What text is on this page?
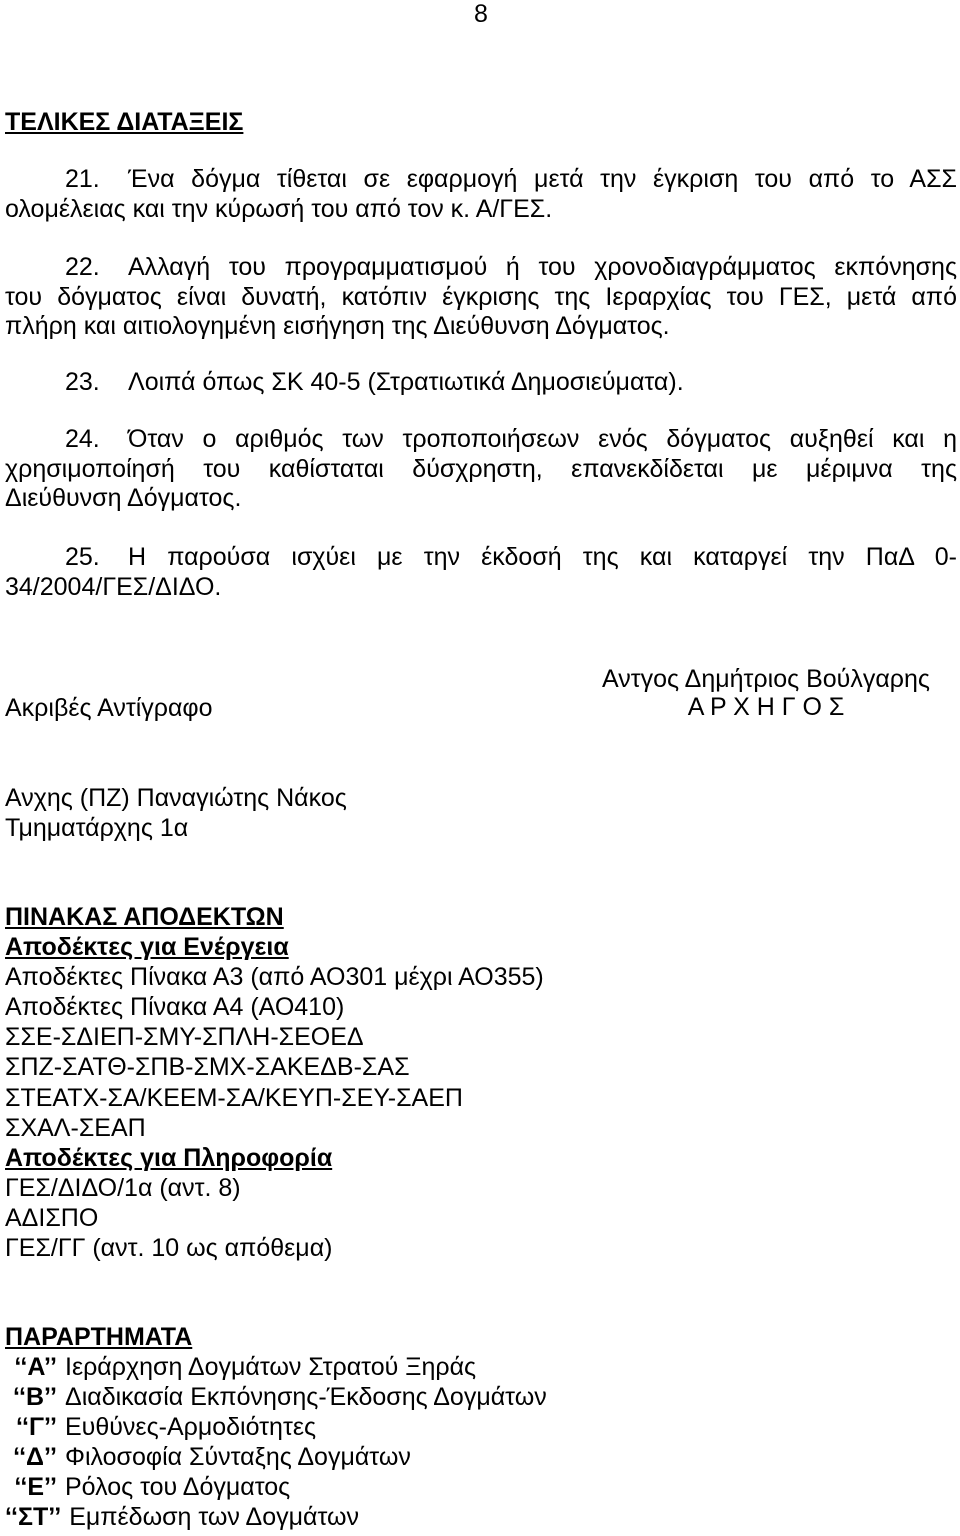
8
ΤΕΛΙΚΕΣ ΔΙΑΤΑΞΕΙΣ
21. Ένα δόγμα τίθεται σε εφαρμογή μετά την έγκριση του από το ΑΣΣ
ολομέλειας και την κύρωσή του από τον κ. Α/ΓΕΣ.
22. Αλλαγή του προγραμματισμού ή του χρονοδιαγράμματος εκπόνησης
του δόγματος είναι δυνατή, κατόπιν έγκρισης της Ιεραρχίας του ΓΕΣ, μετά από
πλήρη και αιτιολογημένη εισήγηση της Διεύθυνση Δόγματος.
23. Λοιπά όπως ΣΚ 40-5 (Στρατιωτικά Δημοσιεύματα).
24. Όταν ο αριθμός των τροποποιήσεων ενός δόγματος αυξηθεί και η
χρησιμοποίησή του καθίσταται δύσχρηστη, επανεκδίδεται με μέριμνα της
Διεύθυνση Δόγματος.
25. Η παρούσα ισχύει με την έκδοσή της και καταργεί την ΠαΔ 0-
34/2004/ΓΕΣ/ΔΙΔΟ.
Αντγος Δημήτριος Βούλγαρης
Α Ρ Χ Η Γ Ο Σ
Ακριβές Αντίγραφο
Ανχης (ΠΖ) Παναγιώτης Νάκος
Τμηματάρχης 1α
ΠΙΝΑΚΑΣ ΑΠΟΔΕΚΤΩΝ
Αποδέκτες για Ενέργεια
Αποδέκτες Πίνακα Α3 (από ΑΟ301 μέχρι ΑΟ355)
Αποδέκτες Πίνακα Α4 (ΑΟ410)
ΣΣΕ-ΣΔΙΕΠ-ΣΜΥ-ΣΠΛΗ-ΣΕΟΕΔ
ΣΠΖ-ΣΑΤΘ-ΣΠΒ-ΣΜΧ-ΣΑΚΕΔΒ-ΣΑΣ
ΣΤΕΑΤΧ-ΣΑ/ΚΕΕΜ-ΣΑ/ΚΕΥΠ-ΣΕΥ-ΣΑΕΠ
ΣΧΑΛ-ΣΕΑΠ
Αποδέκτες για Πληροφορία
ΓΕΣ/ΔΙΔΟ/1α (αντ. 8)
ΑΔΙΣΠΟ
ΓΕΣ/ΓΓ (αντ. 10 ως απόθεμα)
ΠΑΡΑΡΤΗΜΑΤΑ
‘‘Α’’ Ιεράρχηση Δογμάτων Στρατού Ξηράς
‘‘Β’’ Διαδικασία Εκπόνησης-Έκδοσης Δογμάτων
‘‘Γ’’ Ευθύνες-Αρμοδιότητες
‘‘Δ’’ Φιλοσοφία Σύνταξης Δογμάτων
‘‘Ε’’ Ρόλος του Δόγματος
‘‘ΣΤ’’ Εμπέδωση των Δογμάτων
